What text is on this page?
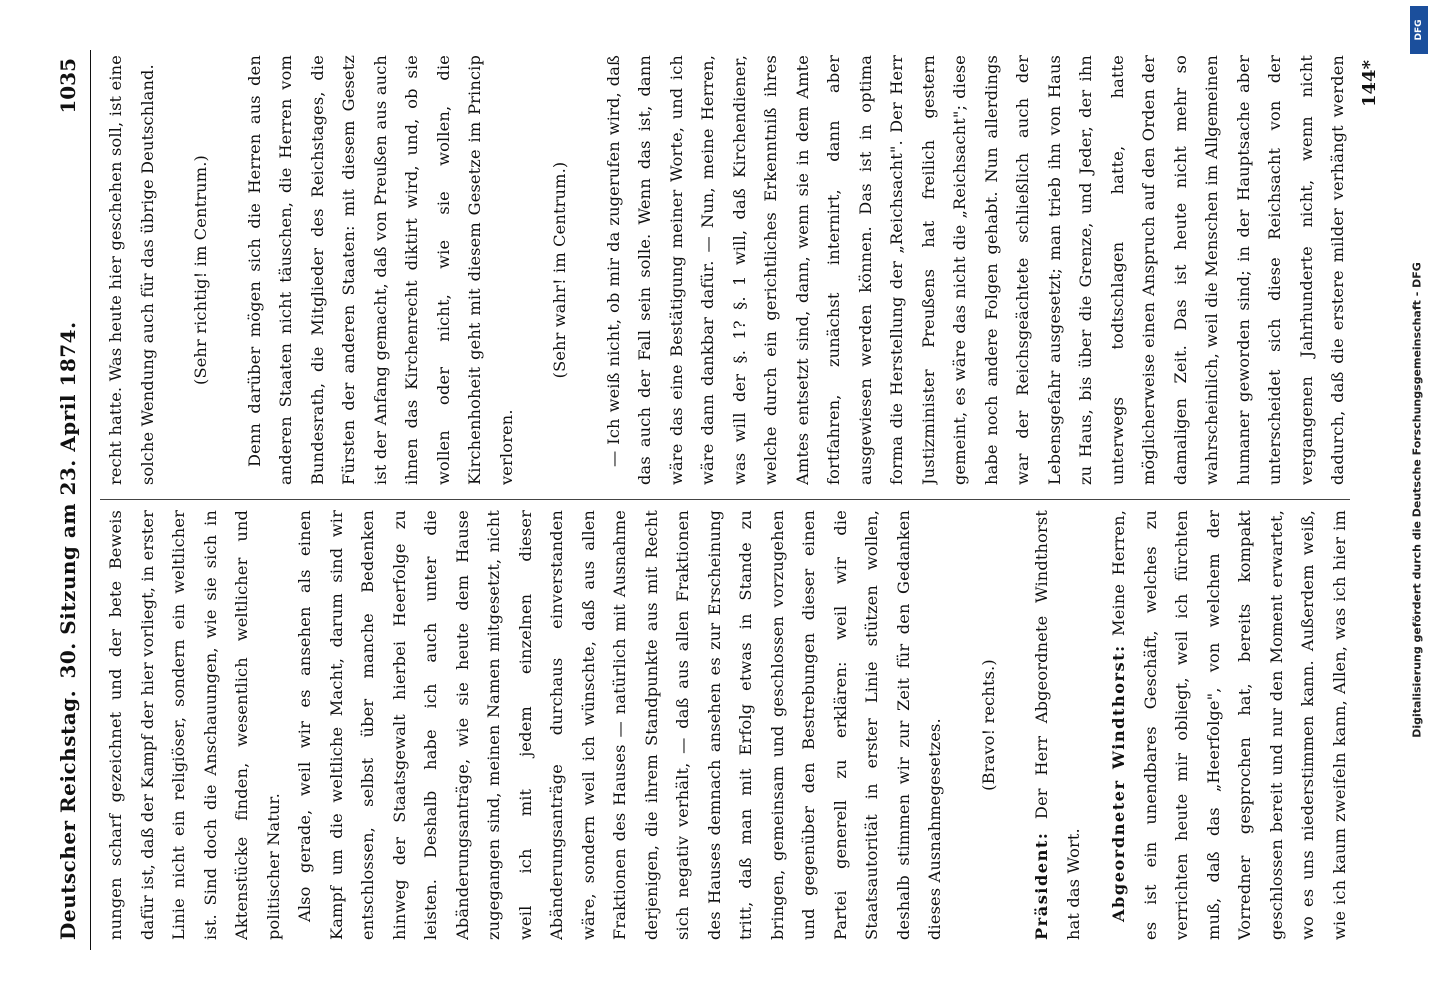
Deutscher Reichstag.
30. Sitzung am 23. April 1874.
1035

nungen scharf gezeichnet und der bete Beweis dafür ist, daß der Kampf der hier vorliegt, in erster Linie nicht ein religiöser, sondern ein weltlicher ist. Sind doch die Anschauungen, wie sie sich in Aktenstücke finden, wesentlich weltlicher und politischer Natur. Also gerade, weil wir es ansehen als einen Kampf um die weltliche Macht, darum sind wir entschlossen, selbst über manche Bedenken hinweg der Staatsgewalt hierbei Heerfolge zu leisten. Deshalb habe ich auch unter die Abänderungsanträge, wie sie heute dem Hause zugegangen sind, meinen Namen mitgesetzt, nicht weil ich mit jedem einzelnen dieser Abänderungsanträge durchaus einverstanden wäre, sondern weil ich wünschte, daß aus allen Fraktionen des Hauses — natürlich mit Ausnahme derjenigen, die ihrem Standpunkte aus mit Recht sich negativ verhält, — daß aus allen Fraktionen des Hauses demnach ansehen es zur Erscheinung tritt, daß man mit Erfolg etwas in Stande zu bringen, gemeinsam und geschlossen vorzugehen und gegenüber den Bestrebungen dieser einen Partei generell zu erklären: weil wir die Staatsautorität in erster Linie stützen wollen, deshalb stimmen wir zur Zeit für den Gedanken dieses Ausnahmegesetzes.	(Bravo! rechts.)

Präsident: Der Herr Abgeordnete Windthorst hat das Wort.	Abgeordneter Windthorst: Meine Herren, es ist ein unendbares Geschäft, welches zu verrichten heute mir obliegt, weil ich fürchten muß, daß das „Heerfolge", von welchem der Vorredner gesprochen hat, bereits kompakt geschlossen bereit und nur den Moment erwartet, wo es uns niederstimmen kann. Außerdem weiß, wie ich kaum zweifeln kann, Allen, was ich hier im

recht hatte. Was heute hier geschehen soll, ist eine solche Wendung auch für das übrige Deutschland.	(Sehr richtig! im Centrum.)	Denn darüber mögen sich die Herren aus den anderen Staaten nicht täuschen, die Herren vom Bundesrath, die Mitglieder des Reichstages, die Fürsten der anderen Staaten: mit diesem Gesetz ist der Anfang gemacht, daß von Preußen aus auch ihnen das Kirchenrecht diktirt wird, und, ob sie wollen oder nicht, wie sie wollen, die Kirchenhoheit geht mit diesem Gesetze im Princip verloren.

(Sehr wahr! im Centrum.)

— Ich weiß nicht, ob mir da zugerufen wird, daß das auch der Fall sein solle. Wenn das ist, dann wäre das eine Bestätigung meiner Worte, und ich wäre dann dankbar dafür. — Nun, meine Herren, was will der §. 1? §. 1 will, daß Kirchendiener, welche durch ein gerichtliches Erkenntniß ihres Amtes entsetzt sind, dann, wenn sie in dem Amte fortfahren, zunächst internirt, dann aber ausgewiesen werden können. Das ist in optima forma die Herstellung der „Reichsacht". Der Herr Justizminister Preußens hat freilich gestern gemeint, es wäre das nicht die „Reichsacht"; diese habe noch andere Folgen gehabt. Nun allerdings war der Reichsgeächtete schließlich auch der Lebensgefahr ausgesetzt; man trieb ihn von Haus zu Haus, bis über die Grenze, und Jeder, der ihn unterwegs todtschlagen hatte, hatte möglicherweise einen Anspruch auf den Orden der damaligen Zeit. Das ist heute nicht mehr so wahrscheinlich, weil die Menschen im Allgemeinen humaner geworden sind; in der Hauptsache aber unterscheidet sich diese Reichsacht von der vergangenen Jahrhunderte nicht, wenn nicht dadurch, daß die erstere milder verhängt werden 144*
DFG
Digitalisierung gefördert durch die Deutsche Forschungsgemeinschaft - DFG
